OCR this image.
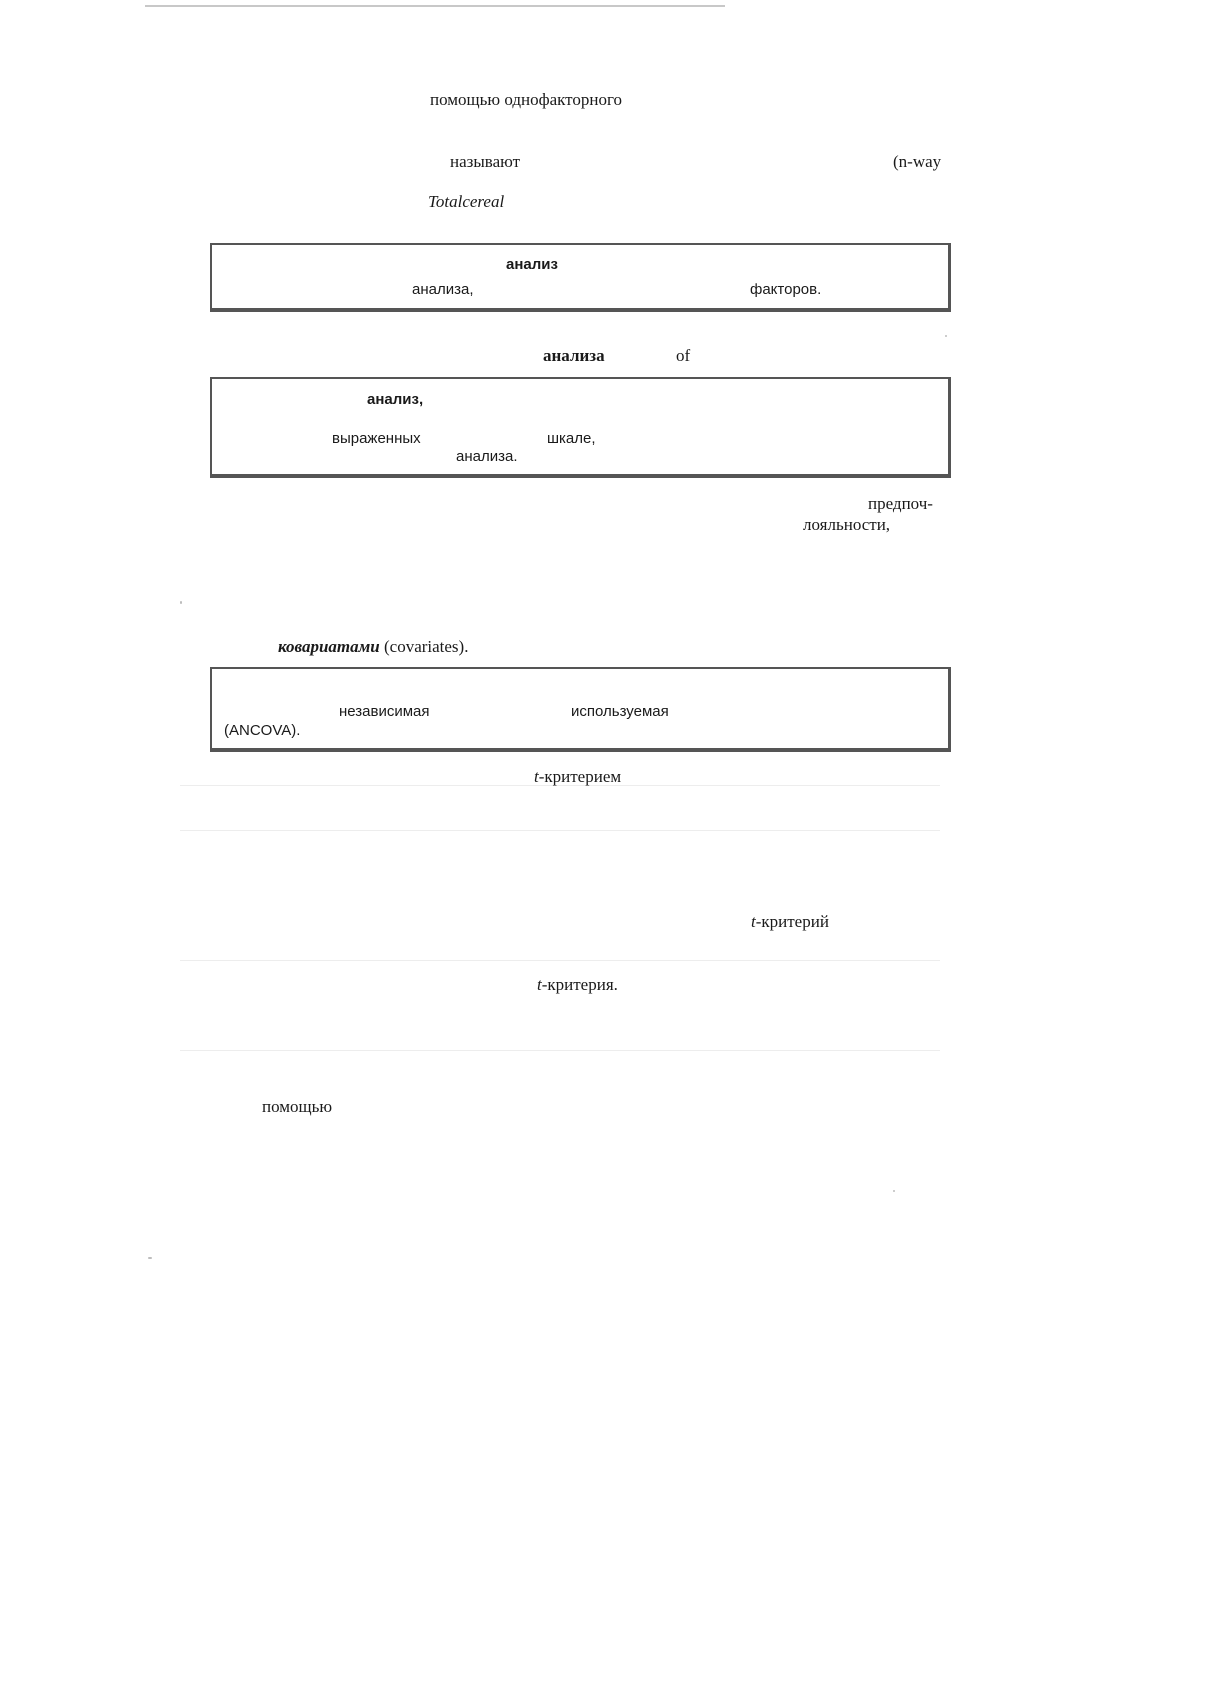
помощью однофакторного
называют	(n-way
Totalcereal
анализ
анализа,	факторов.
анализа	of
анализ,
выраженных	шкале,
анализа.
предпоч-
лояльности,
ковариатами (covariates).
независимая	используемая
(ANCOVA).
t-критерием
t-критерий
t-критерия.
помощью
